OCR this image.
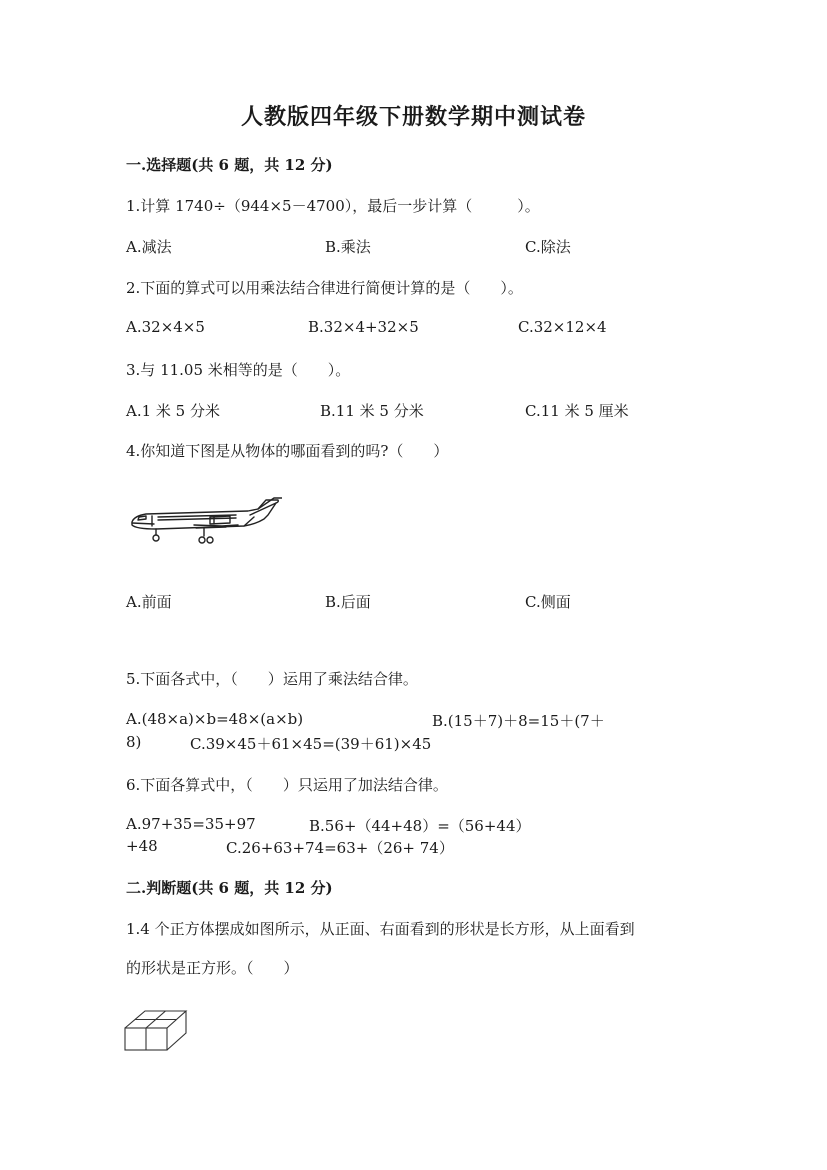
人教版四年级下册数学期中测试卷
一.选择题(共 6 题，共 12 分)
1.计算 1740÷（944×5－4700），最后一步计算（　　　）。
A.减法	B.乘法	C.除法
2.下面的算式可以用乘法结合律进行简便计算的是（　　）。
A.32×4×5	B.32×4+32×5	C.32×12×4
3.与 11.05 米相等的是（　　）。
A.1 米 5 分米	B.11 米 5 分米	C.11 米 5 厘米
4.你知道下图是从物体的哪面看到的吗?（　　）
A.前面	B.后面	C.侧面
5.下面各式中，（　　）运用了乘法结合律。
A.(48×a)×b=48×(a×b)	B.(15＋7)＋8=15＋(7＋
8)	C.39×45＋61×45=(39＋61)×45
6.下面各算式中，（　　）只运用了加法结合律。
A.97+35=35+97	B.56+（44+48）=（56+44）
+48	C.26+63+74=63+（26+ 74）
二.判断题(共 6 题，共 12 分)
1.4 个正方体摆成如图所示，从正面、右面看到的形状是长方形，从上面看到
的形状是正方形。（　　）
